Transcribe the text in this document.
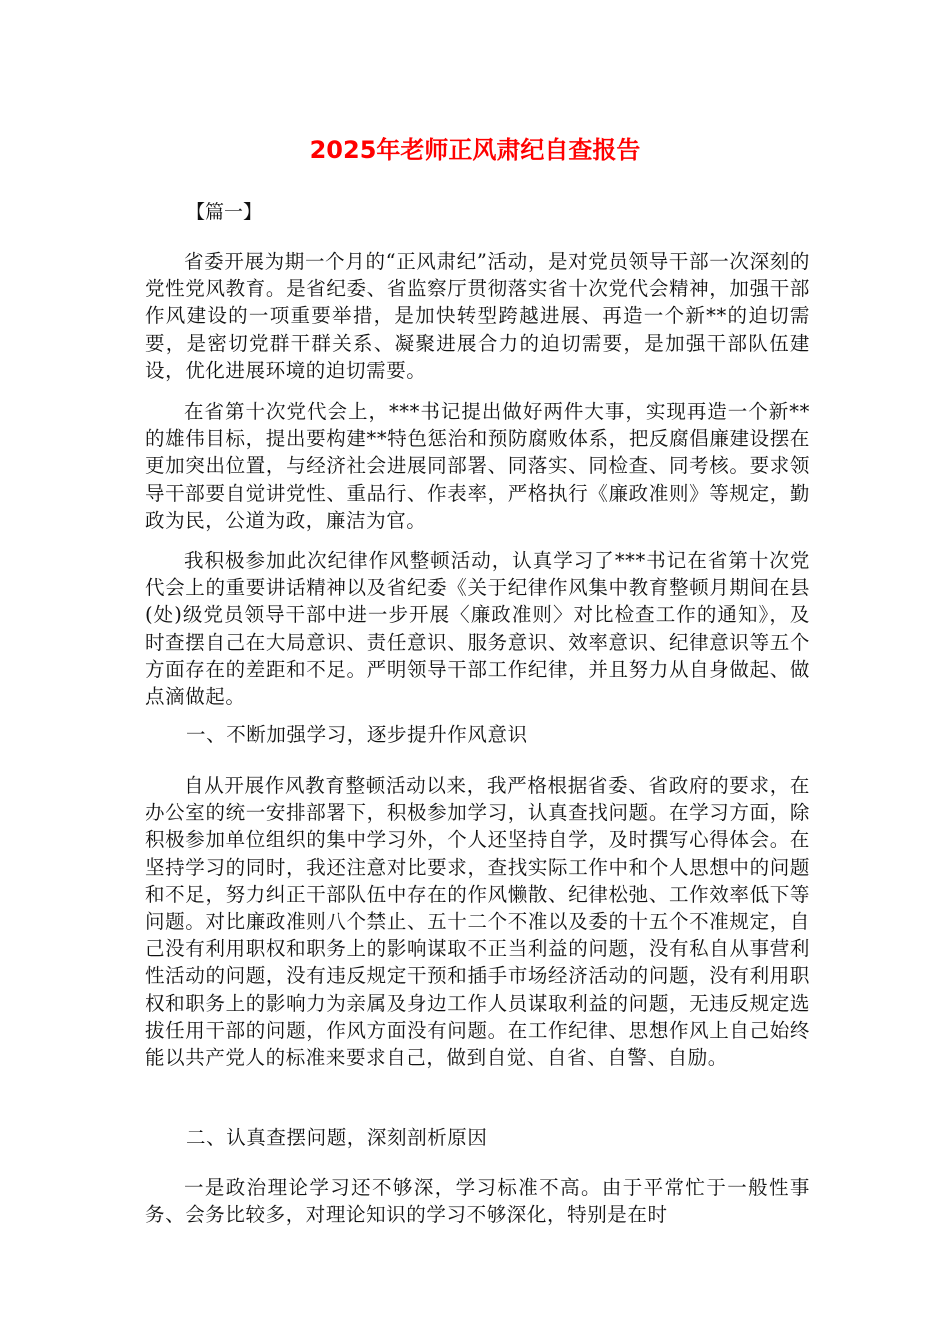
2025年老师正风肃纪自查报告
【篇一】

省委开展为期一个月的“正风肃纪”活动，是对党员领导干部一次深刻的党性党风教育。是省纪委、省监察厅贯彻落实省十次党代会精神，加强干部作风建设的一项重要举措，是加快转型跨越进展、再造一个新**的迫切需要，是密切党群干群关系、凝聚进展合力的迫切需要，是加强干部队伍建设，优化进展环境的迫切需要。

在省第十次党代会上，***书记提出做好两件大事，实现再造一个新**的雄伟目标，提出要构建**特色惩治和预防腐败体系，把反腐倡廉建设摆在更加突出位置，与经济社会进展同部署、同落实、同检查、同考核。要求领导干部要自觉讲党性、重品行、作表率，严格执行《廉政准则》等规定，勤政为民，公道为政，廉洁为官。

我积极参加此次纪律作风整顿活动，认真学习了***书记在省第十次党代会上的重要讲话精神以及省纪委《关于纪律作风集中教育整顿月期间在县(处)级党员领导干部中进一步开展〈廉政准则〉对比检查工作的通知》，及时查摆自己在大局意识、责任意识、服务意识、效率意识、纪律意识等五个方面存在的差距和不足。严明领导干部工作纪律，并且努力从自身做起、做点滴做起。

一、不断加强学习，逐步提升作风意识

自从开展作风教育整顿活动以来，我严格根据省委、省政府的要求，在办公室的统一安排部署下，积极参加学习，认真查找问题。在学习方面，除积极参加单位组织的集中学习外，个人还坚持自学，及时撰写心得体会。在坚持学习的同时，我还注意对比要求，查找实际工作中和个人思想中的问题和不足，努力纠正干部队伍中存在的作风懒散、纪律松弛、工作效率低下等问题。对比廉政准则八个禁止、五十二个不准以及委的十五个不准规定，自己没有利用职权和职务上的影响谋取不正当利益的问题，没有私自从事营利性活动的问题，没有违反规定干预和插手市场经济活动的问题，没有利用职权和职务上的影响力为亲属及身边工作人员谋取利益的问题，无违反规定选拔任用干部的问题，作风方面没有问题。在工作纪律、思想作风上自己始终能以共产党人的标准来要求自己，做到自觉、自省、自警、自励。

二、认真查摆问题，深刻剖析原因

一是政治理论学习还不够深，学习标准不高。由于平常忙于一般性事务、会务比较多，对理论知识的学习不够深化，特别是在时
